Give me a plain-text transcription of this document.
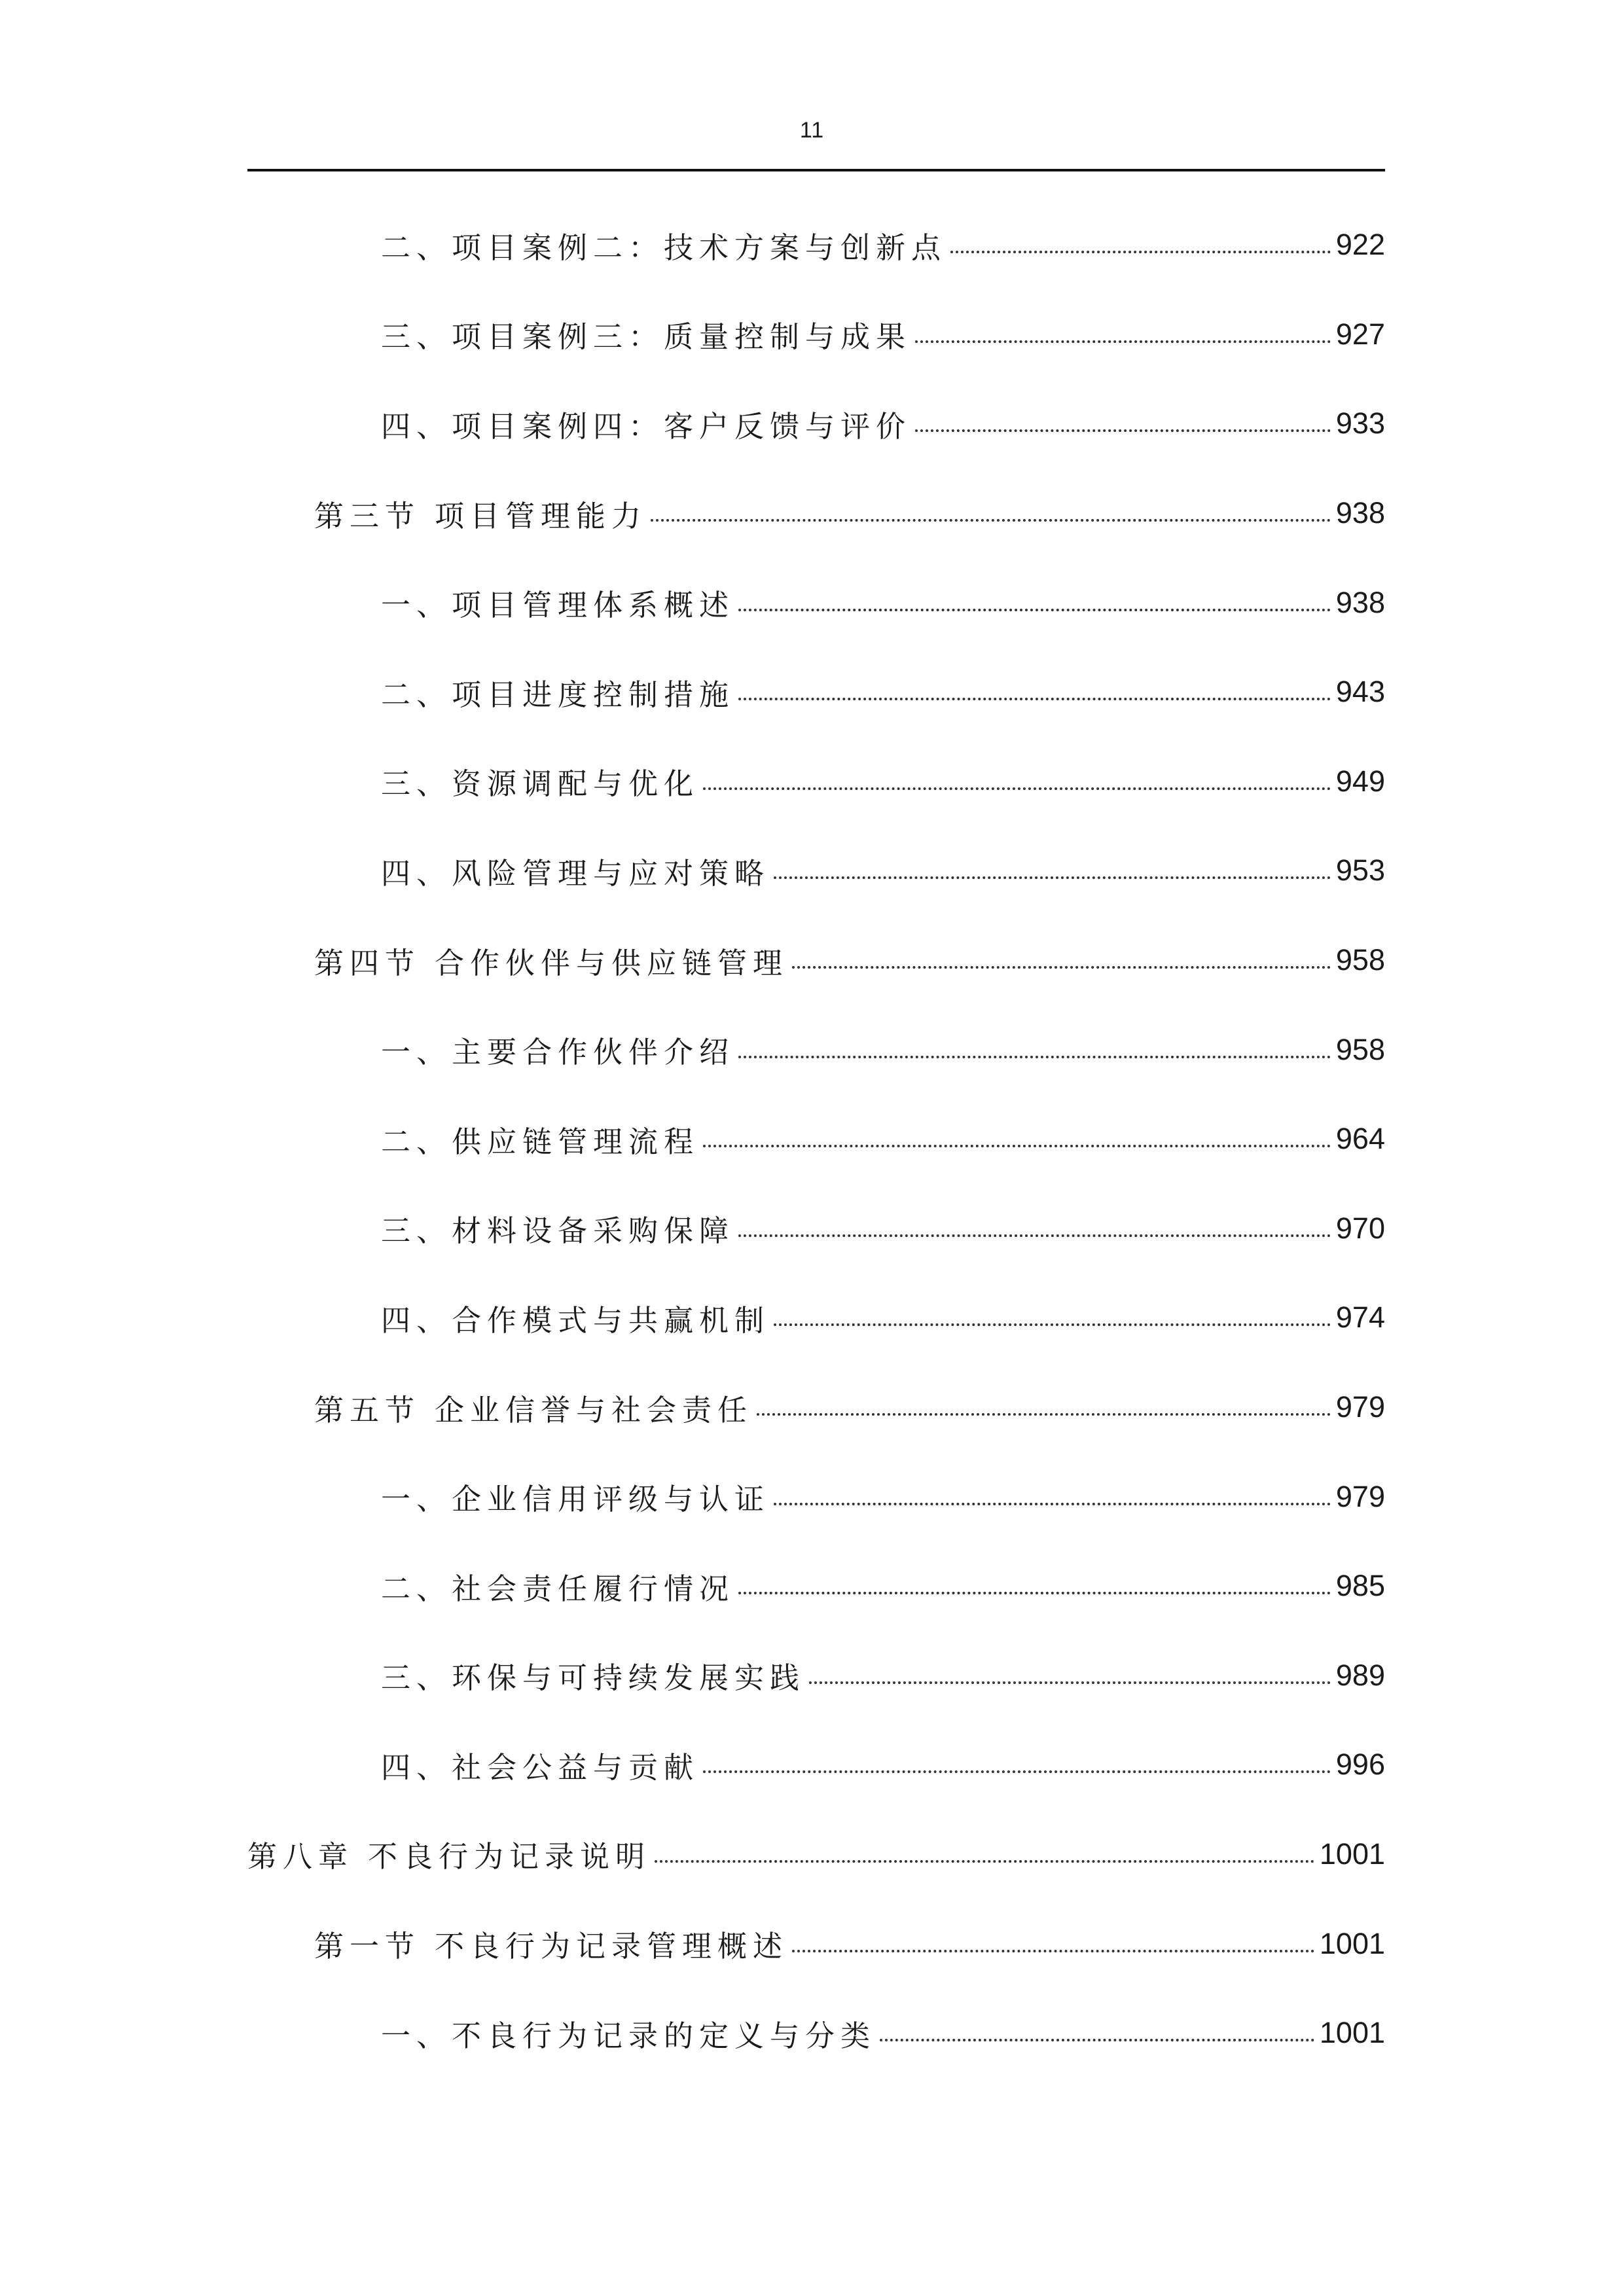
11
二、项目案例二：技术方案与创新点	922
三、项目案例三：质量控制与成果	927
四、项目案例四：客户反馈与评价	933
第三节 项目管理能力	938
一、项目管理体系概述	938
二、项目进度控制措施	943
三、资源调配与优化	949
四、风险管理与应对策略	953
第四节 合作伙伴与供应链管理	958
一、主要合作伙伴介绍	958
二、供应链管理流程	964
三、材料设备采购保障	970
四、合作模式与共赢机制	974
第五节 企业信誉与社会责任	979
一、企业信用评级与认证	979
二、社会责任履行情况	985
三、环保与可持续发展实践	989
四、社会公益与贡献	996
第八章 不良行为记录说明	1001
第一节 不良行为记录管理概述	1001
一、不良行为记录的定义与分类	1001
